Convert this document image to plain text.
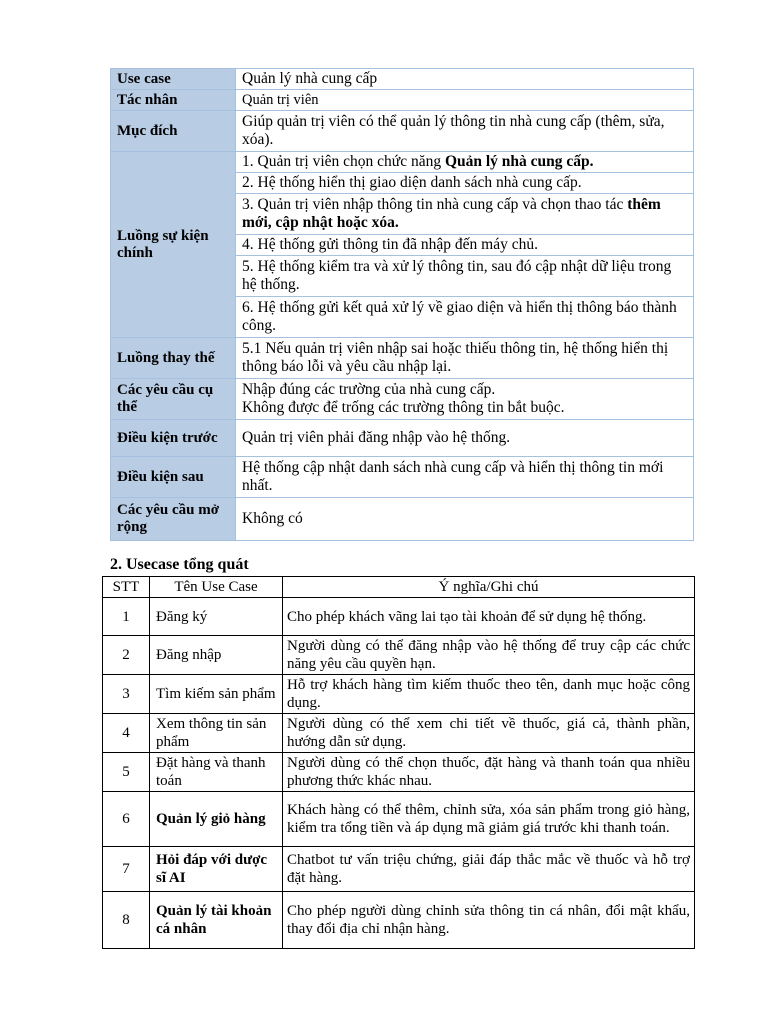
Use case	Quản lý nhà cung cấp
Tác nhân	Quản trị viên
Mục đích	Giúp quản trị viên có thể quản lý thông tin nhà cung cấp (thêm, sửa, xóa).
Luồng sự kiện chính	1. Quản trị viên chọn chức năng Quản lý nhà cung cấp.
	2. Hệ thống hiển thị giao diện danh sách nhà cung cấp.
	3. Quản trị viên nhập thông tin nhà cung cấp và chọn thao tác thêm mới, cập nhật hoặc xóa.
	4. Hệ thống gửi thông tin đã nhập đến máy chủ.
	5. Hệ thống kiểm tra và xử lý thông tin, sau đó cập nhật dữ liệu trong hệ thống.
	6. Hệ thống gửi kết quả xử lý về giao diện và hiển thị thông báo thành công.
Luồng thay thế	5.1 Nếu quản trị viên nhập sai hoặc thiếu thông tin, hệ thống hiển thị thông báo lỗi và yêu cầu nhập lại.
Các yêu cầu cụ thể	Nhập đúng các trường của nhà cung cấp.
Không được để trống các trường thông tin bắt buộc.

Điều kiện trước	Quản trị viên phải đăng nhập vào hệ thống.
Điều kiện sau	Hệ thống cập nhật danh sách nhà cung cấp và hiển thị thông tin mới nhất.
Các yêu cầu mở rộng	Không có
2. Usecase tổng quát
STT	Tên Use Case	Ý nghĩa/Ghi chú
1	Đăng ký	Cho phép khách vãng lai tạo tài khoản để sử dụng hệ thống.
2	Đăng nhập	Người dùng có thể đăng nhập vào hệ thống để truy cập các chức năng yêu cầu quyền hạn.
3	Tìm kiếm sản phẩm	Hỗ trợ khách hàng tìm kiếm thuốc theo tên, danh mục hoặc công dụng.
4	Xem thông tin sản phẩm	Người dùng có thể xem chi tiết về thuốc, giá cả, thành phần, hướng dẫn sử dụng.
5	Đặt hàng và thanh toán	Người dùng có thể chọn thuốc, đặt hàng và thanh toán qua nhiều phương thức khác nhau.
6	Quản lý giỏ hàng	Khách hàng có thể thêm, chỉnh sửa, xóa sản phẩm trong giỏ hàng, kiểm tra tổng tiền và áp dụng mã giảm giá trước khi thanh toán.
7	Hỏi đáp với dược sĩ AI	Chatbot tư vấn triệu chứng, giải đáp thắc mắc về thuốc và hỗ trợ đặt hàng.
8	Quản lý tài khoản cá nhân	Cho phép người dùng chỉnh sửa thông tin cá nhân, đổi mật khẩu, thay đổi địa chỉ nhận hàng.
